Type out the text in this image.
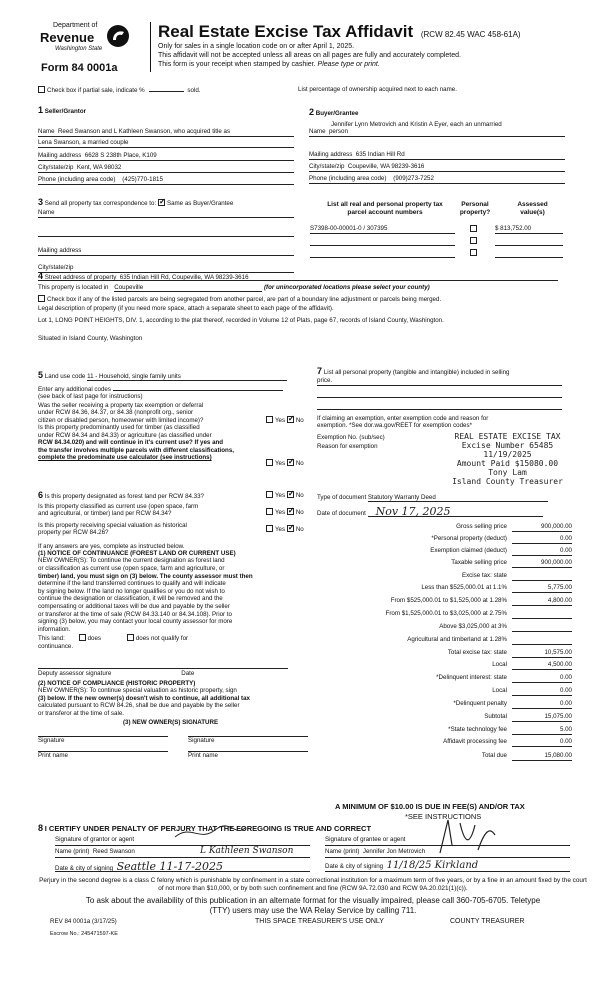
Department of
Revenue
Washington State
Form 84 0001a
Real Estate Excise Tax Affidavit (RCW 82.45 WAC 458-61A)
Only for sales in a single location code on or after April 1, 2025.
This affidavit will not be accepted unless all areas on all pages are fully and accurately completed.
This form is your receipt when stamped by cashier. Please type or print.
Check box if partial sale, indicate %	sold.	List percentage of ownership acquired next to each name.
1 Seller/Grantor
Name Reed Swanson and L Kathleen Swanson, who acquired title as
Lena Swanson, a married couple
Mailing address 6628 S 238th Place, K109
City/state/zip Kent, WA 98032
Phone (including area code) (425)770-1815
2 Buyer/Grantee
Jennifer Lynn Metrovich and Kristin A Eyer, each an unmarried
Name person
Mailing address 635 Indian Hill Rd
City/state/zip Coupeville, WA 98239-3616
Phone (including area code) (909)273-7252
3 Send all property tax correspondence to: ✓ Same as Buyer/Grantee
Name
Mailing address
City/state/zip
List all real and personal property tax
parcel account numbers
Personal
property?
Assessed
value(s)
S7398-00-00001-0 / 307395	$ 813,752.00
4 Street address of property 635 Indian Hill Rd, Coupeville, WA 98239-3616
This property is located in Coupeville	(for unincorporated locations please select your county)
Check box if any of the listed parcels are being segregated from another parcel, are part of a boundary line adjustment or parcels being merged.
Legal description of property (if you need more space, attach a separate sheet to each page of the affidavit).
Lot 1, LONG POINT HEIGHTS, DIV. 1, according to the plat thereof, recorded in Volume 12 of Plats, page 67, records of Island County, Washington.
Situated in Island County, Washington
5 Land use code 11 - Household, single family units
Enter any additional codes
(see back of last page for instructions)
Was the seller receiving a property tax exemption or deferral
under RCW 84.36, 84.37, or 84.38 (nonprofit org., senior
citizen or disabled person, homeowner with limited income)?	Yes ✓ No
Is this property predominantly used for timber (as classified
under RCW 84.34 and 84.33) or agriculture (as classified under
RCW 84.34.020) and will continue in it's current use? If yes and
the transfer involves multiple parcels with different classifications,
complete the predominate use calculator (see instructions)
Yes ✓ No
7 List all personal property (tangible and intangible) included in selling
price.
If claiming an exemption, enter exemption code and reason for
exemption. *See dor.wa.gov/REET for exemption codes*
Exemption No. (sub/sec)
Reason for exemption
REAL ESTATE EXCISE TAX
Excise Number 65485
11/19/2025
Amount Paid $15080.00
Tony Lam
Island County Treasurer
Type of document Statutory Warranty Deed
Date of document Nov 17, 2025
6 Is this property designated as forest land per RCW 84.33?	Yes ✓ No
Is this property classified as current use (open space, farm
and agricultural, or timber) land per RCW 84.34?	Yes ✓ No
Is this property receiving special valuation as historical
property per RCW 84.26?	Yes ✓ No
If any answers are yes, complete as instructed below.
(1) NOTICE OF CONTINUANCE (FOREST LAND OR CURRENT USE)
NEW OWNER(S): To continue the current designation as forest land
or classification as current use (open space, farm and agriculture, or
timber) land, you must sign on (3) below. The county assessor must then
determine if the land transferred continues to qualify and will indicate
by signing below. If the land no longer qualifies or you do not wish to
continue the designation or classification, it will be removed and the
compensating or additional taxes will be due and payable by the seller
or transferor at the time of sale (RCW 84.33.140 or 84.34.108). Prior to
signing (3) below, you may contact your local county assessor for more
information.
This land:	does	does not qualify for
continuance.
Deputy assessor signature	Date
(2) NOTICE OF COMPLIANCE (HISTORIC PROPERTY)
NEW OWNER(S): To continue special valuation as historic property, sign
(3) below. If the new owner(s) doesn't wish to continue, all additional tax
calculated pursuant to RCW 84.26, shall be due and payable by the seller
or transferor at the time of sale.
(3) NEW OWNER(S) SIGNATURE
Signature	Signature
Print name	Print name
Gross selling price	900,000.00
*Personal property (deduct)	0.00
Exemption claimed (deduct)	0.00
Taxable selling price	900,000.00
Excise tax: state
Less than $525,000.01 at 1.1%	5,775.00
From $525,000.01 to $1,525,000 at 1.28%	4,800.00
From $1,525,000.01 to $3,025,000 at 2.75%
Above $3,025,000 at 3%
Agricultural and timberland at 1.28%
Total excise tax: state	10,575.00
Local	4,500.00
*Delinquent interest: state	0.00
Local	0.00
*Delinquent penalty	0.00
Subtotal	15,075.00
*State technology fee	5.00
Affidavit processing fee	0.00
Total due	15,080.00
A MINIMUM OF $10.00 IS DUE IN FEE(S) AND/OR TAX
*SEE INSTRUCTIONS
8 I CERTIFY UNDER PENALTY OF PERJURY THAT THE FOREGOING IS TRUE AND CORRECT
Signature of grantor or agent
Name (print) Reed Swanson	L Kathleen Swanson
Date & city of signing Seattle 11-17-2025
Signature of grantee or agent
Name (print) Jennifer Jon Metrovich
Date & city of signing 11/18/25 Kirkland
Perjury in the second degree is a class C felony which is punishable by confinement in a state correctional institution for a maximum term of five years, or by a fine in an amount fixed by the court of not more than $10,000, or by both such confinement and fine (RCW 9A.72.030 and RCW 9A.20.021(1)(c)).
To ask about the availability of this publication in an alternate format for the visually impaired, please call 360-705-6705. Teletype
(TTY) users may use the WA Relay Service by calling 711.
REV 84 0001a (3/17/25)	THIS SPACE TREASURER'S USE ONLY	COUNTY TREASURER
Escrow No.: 245471597-KE
